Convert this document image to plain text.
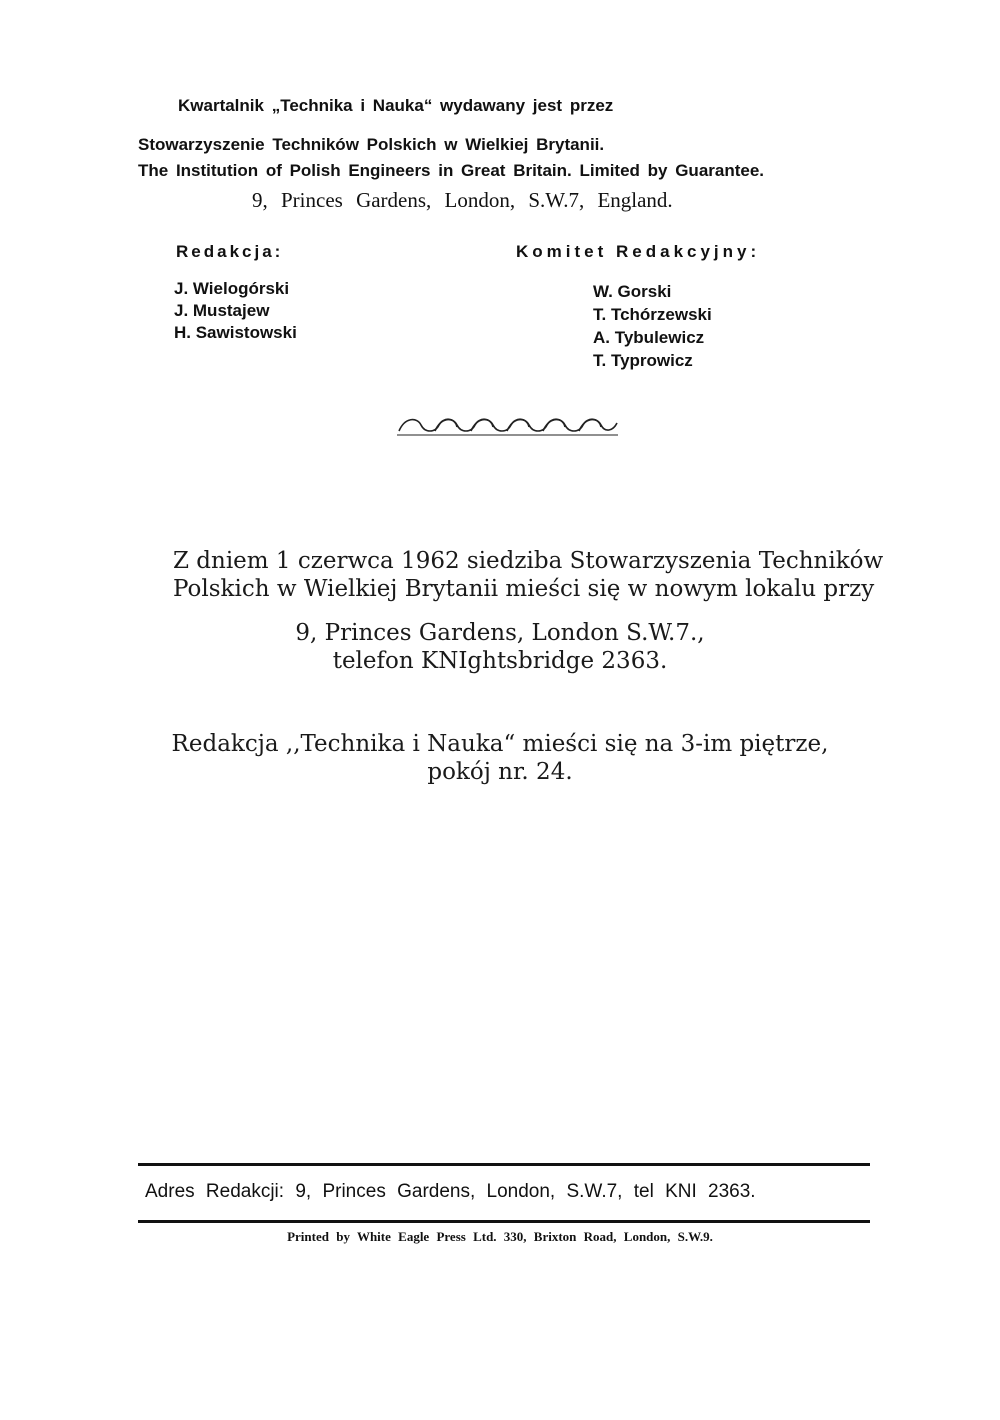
Kwartalnik „Technika i Nauka“ wydawany jest przez
Stowarzyszenie Techników Polskich w Wielkiej Brytanii.
The Institution of Polish Engineers in Great Britain. Limited by Guarantee.
9, Princes Gardens, London, S.W.7, England.
Redakcja:
J. Wielogórski
J. Mustajew
H. Sawistowski
Komitet Redakcyjny:
W. Gorski
T. Tchórzewski
A. Tybulewicz
T. Typrowicz
Z dniem 1 czerwca 1962 siedziba Stowarzyszenia Techników
Polskich w Wielkiej Brytanii mieści się w nowym lokalu przy
9, Princes Gardens, London S.W.7.,
telefon KNIghtsbridge 2363.
Redakcja ,,Technika i Nauka“ mieści się na 3-im piętrze,
pokój nr. 24.
Adres Redakcji: 9, Princes Gardens, London, S.W.7, tel KNI 2363.
Printed by White Eagle Press Ltd. 330, Brixton Road, London, S.W.9.
